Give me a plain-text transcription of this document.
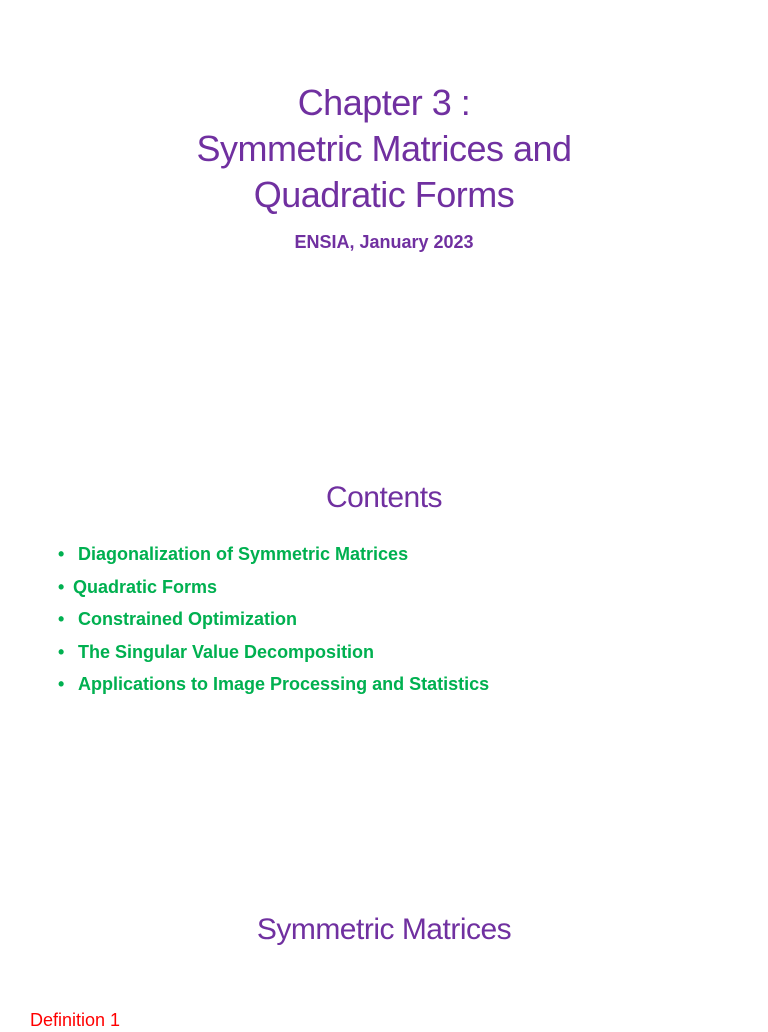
Chapter 3 :
Symmetric Matrices and
Quadratic Forms
ENSIA, January 2023
Contents
• Diagonalization of Symmetric Matrices
• Quadratic Forms
• Constrained Optimization
• The Singular Value Decomposition
• Applications to Image Processing and Statistics
Symmetric Matrices
Definition 1
